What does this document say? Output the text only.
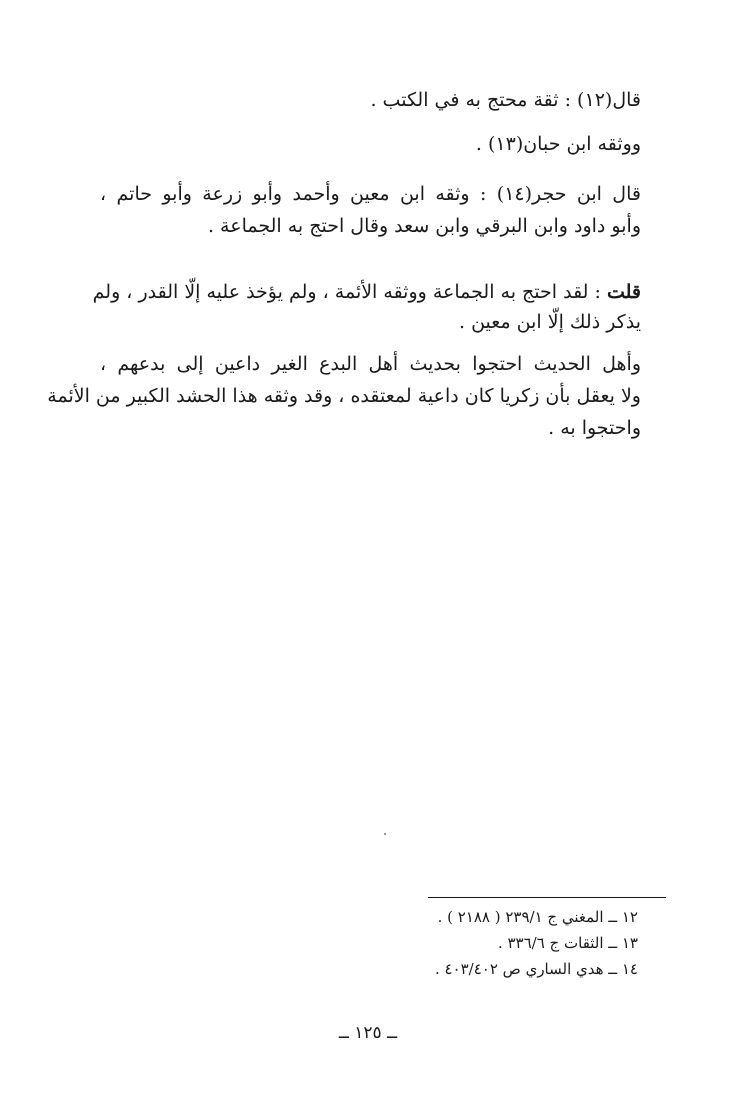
قال(١٢) : ثقة محتج به في الكتب .
ووثقه ابن حبان(١٣) .
قال ابن حجر(١٤) : وثقه ابن معين وأحمد وأبو زرعة وأبو حاتم ،
وأبو داود وابن البرقي وابن سعد وقال احتج به الجماعة .
قلت : لقد احتج به الجماعة ووثقه الأئمة ، ولم يؤخذ عليه إلّا القدر ، ولم
يذكر ذلك إلّا ابن معين .
وأهل الحديث احتجوا بحديث أهل البدع الغير داعين إلى بدعهم ،
ولا يعقل بأن زكريا كان داعية لمعتقده ، وقد وثقه هذا الحشد الكبير من الأئمة
واحتجوا به .
١٢ ــ المغني ج ٢٣٩/١ ( ٢١٨٨ ) .
١٣ ــ الثقات ج ٣٣٦/٦ .
١٤ ــ هدي الساري ص ٤٠٣/٤٠٢ .
ــ ١٢٥ ــ
